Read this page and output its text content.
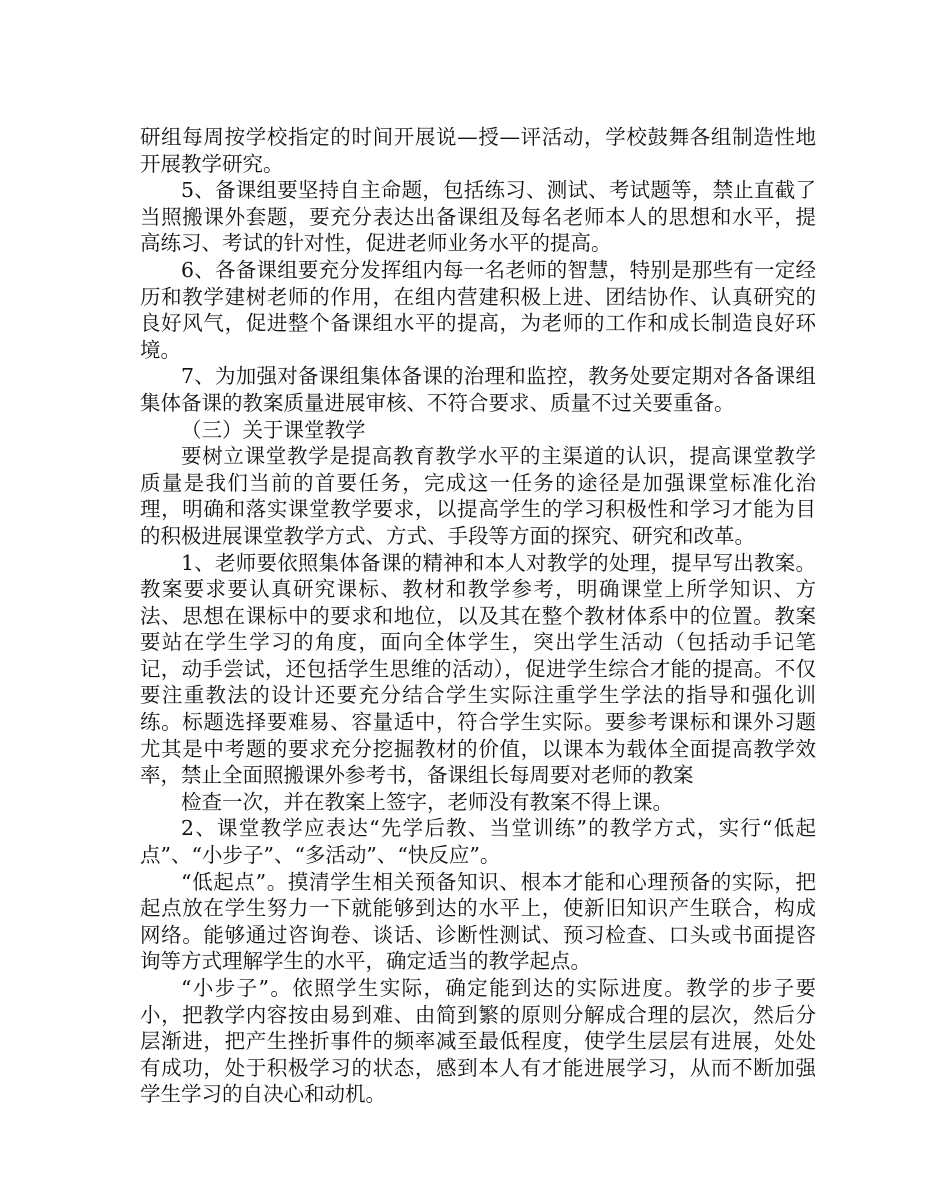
研组每周按学校指定的时间开展说—授—评活动，学校鼓舞各组制造性地开展教学研究。

5、备课组要坚持自主命题，包括练习、测试、考试题等，禁止直截了当照搬课外套题，要充分表达出备课组及每名老师本人的思想和水平，提高练习、考试的针对性，促进老师业务水平的提高。

6、各备课组要充分发挥组内每一名老师的智慧，特别是那些有一定经历和教学建树老师的作用，在组内营建积极上进、团结协作、认真研究的良好风气，促进整个备课组水平的提高，为老师的工作和成长制造良好环境。

7、为加强对备课组集体备课的治理和监控，教务处要定期对各备课组集体备课的教案质量进展审核、不符合要求、质量不过关要重备。

（三）关于课堂教学

要树立课堂教学是提高教育教学水平的主渠道的认识，提高课堂教学质量是我们当前的首要任务，完成这一任务的途径是加强课堂标准化治理，明确和落实课堂教学要求，以提高学生的学习积极性和学习才能为目的积极进展课堂教学方式、方式、手段等方面的探究、研究和改革。

1、老师要依照集体备课的精神和本人对教学的处理，提早写出教案。教案要求要认真研究课标、教材和教学参考，明确课堂上所学知识、方法、思想在课标中的要求和地位，以及其在整个教材体系中的位置。教案要站在学生学习的角度，面向全体学生，突出学生活动（包括动手记笔记，动手尝试，还包括学生思维的活动），促进学生综合才能的提高。不仅要注重教法的设计还要充分结合学生实际注重学生学法的指导和强化训练。标题选择要难易、容量适中，符合学生实际。要参考课标和课外习题尤其是中考题的要求充分挖掘教材的价值，以课本为载体全面提高教学效率，禁止全面照搬课外参考书，备课组长每周要对老师的教案

检查一次，并在教案上签字，老师没有教案不得上课。

2、课堂教学应表达“先学后教、当堂训练”的教学方式，实行“低起点”、“小步子”、“多活动”、“快反应”。

“低起点”。摸清学生相关预备知识、根本才能和心理预备的实际，把起点放在学生努力一下就能够到达的水平上，使新旧知识产生联合，构成网络。能够通过咨询卷、谈话、诊断性测试、预习检查、口头或书面提咨询等方式理解学生的水平，确定适当的教学起点。

“小步子”。依照学生实际，确定能到达的实际进度。教学的步子要小，把教学内容按由易到难、由简到繁的原则分解成合理的层次，然后分层渐进，把产生挫折事件的频率减至最低程度，使学生层层有进展，处处有成功，处于积极学习的状态，感到本人有才能进展学习，从而不断加强学生学习的自决心和动机。
